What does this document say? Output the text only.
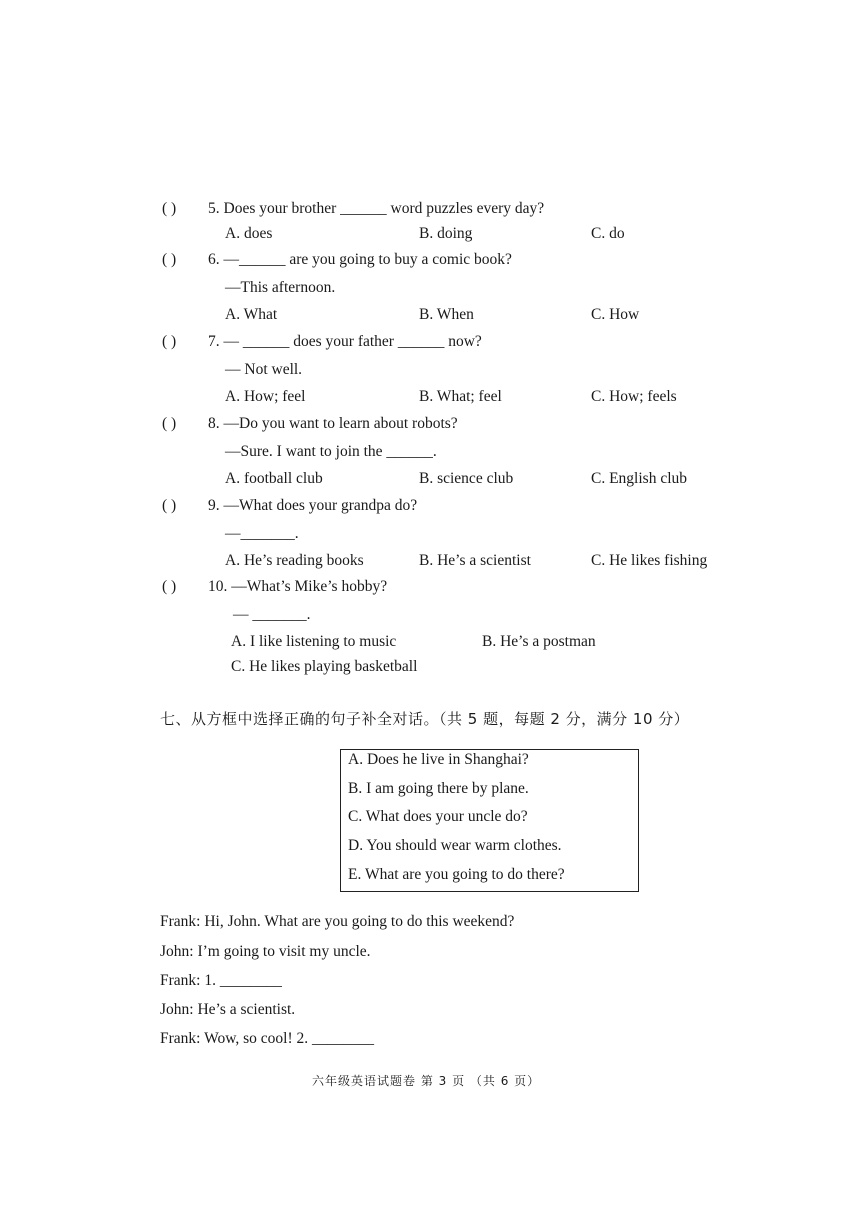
( ) 5. Does your brother ______ word puzzles every day?
A. does	B. doing	C. do
( ) 6. —______ are you going to buy a comic book?
—This afternoon.
A. What	B. When	C. How
( ) 7. — ______ does your father ______ now?
— Not well.
A. How; feel	B. What; feel	C. How; feels
( ) 8. —Do you want to learn about robots?
—Sure. I want to join the ______.
A. football club	B. science club	C. English club
( ) 9. —What does your grandpa do?
—_______.
A. He’s reading books	B. He’s a scientist	C. He likes fishing
( ) 10. —What’s Mike’s hobby?
— _______.
A. I like listening to music	B. He’s a postman
C. He likes playing basketball
七、从方框中选择正确的句子补全对话。（共 5 题，每题 2 分，满分 10 分）
A. Does he live in Shanghai?
B. I am going there by plane.
C. What does your uncle do?
D. You should wear warm clothes.
E. What are you going to do there?
Frank: Hi, John. What are you going to do this weekend?
John: I’m going to visit my uncle.
Frank: 1. ________
John: He’s a scientist.
Frank: Wow, so cool! 2. ________
六年级英语试题卷 第 3 页 （共 6 页）
